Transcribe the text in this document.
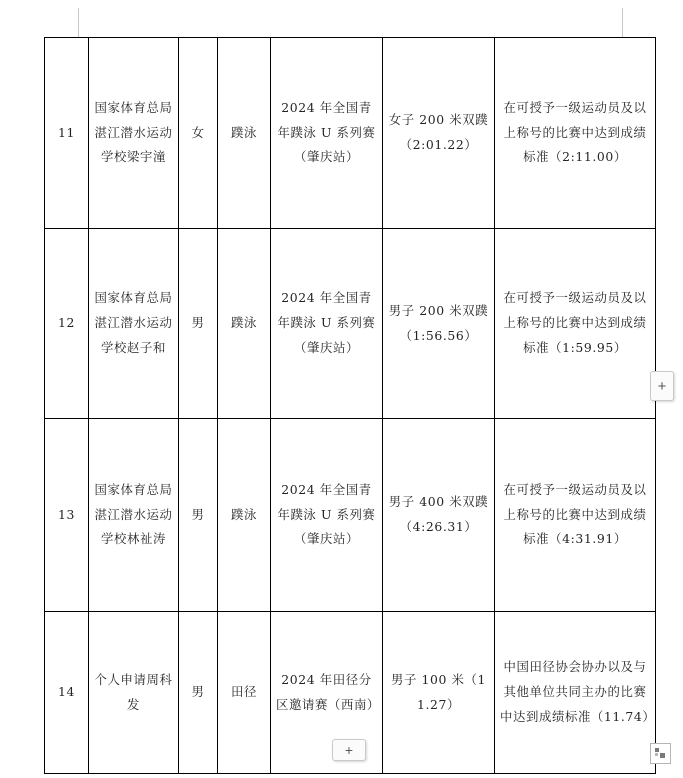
11	国家体育总局湛江潜水运动学校梁宇潼	女	蹼泳	2024 年全国青年蹼泳 U 系列赛（肇庆站）	女子 200 米双蹼（2:01.22）	在可授予一级运动员及以上称号的比赛中达到成绩标准（2:11.00）
12	国家体育总局湛江潜水运动学校赵子和	男	蹼泳	2024 年全国青年蹼泳 U 系列赛（肇庆站）	男子 200 米双蹼（1:56.56）	在可授予一级运动员及以上称号的比赛中达到成绩标准（1:59.95）
13	国家体育总局湛江潜水运动学校林祉涛	男	蹼泳	2024 年全国青年蹼泳 U 系列赛（肇庆站）	男子 400 米双蹼（4:26.31）	在可授予一级运动员及以上称号的比赛中达到成绩标准（4:31.91）
14	个人申请周科发	男	田径	2024 年田径分区邀请赛（西南）	男子 100 米（11.27）	中国田径协会协办以及与其他单位共同主办的比赛中达到成绩标准（11.74）
+
+
